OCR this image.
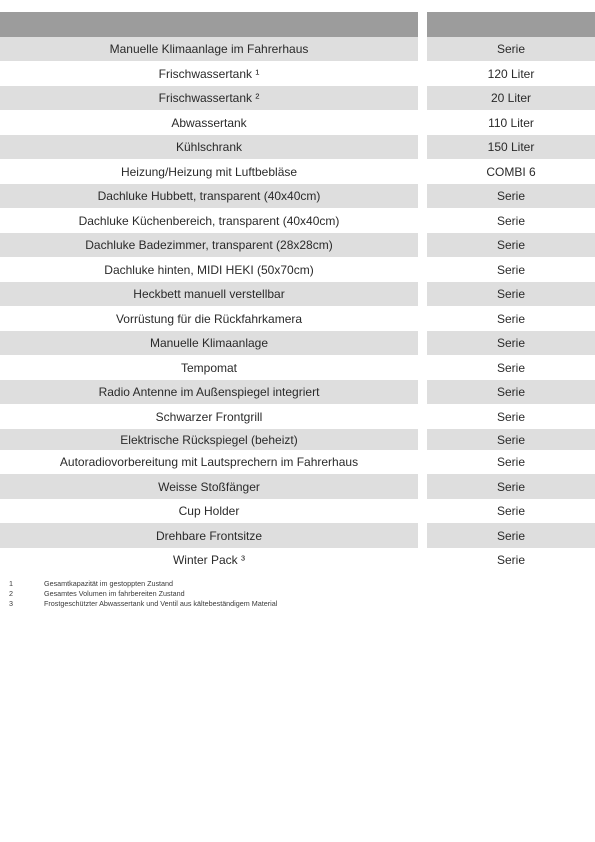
Manuelle Klimaanlage im Fahrerhaus	Serie
Frischwassertank ¹	120 Liter
Frischwassertank ²	20 Liter
Abwassertank	110 Liter
Kühlschrank	150 Liter
Heizung/Heizung mit Luftbebläse	COMBI 6
Dachluke Hubbett, transparent (40x40cm)	Serie
Dachluke Küchenbereich, transparent (40x40cm)	Serie
Dachluke Badezimmer, transparent (28x28cm)	Serie
Dachluke hinten, MIDI HEKI (50x70cm)	Serie
Heckbett manuell verstellbar	Serie
Vorrüstung für die Rückfahrkamera	Serie
Manuelle Klimaanlage	Serie
Tempomat	Serie
Radio Antenne im Außenspiegel integriert	Serie
Schwarzer Frontgrill	Serie
Elektrische Rückspiegel (beheizt)	Serie
Autoradiovorbereitung mit Lautsprechern im Fahrerhaus	Serie
Weisse Stoßfänger	Serie
Cup Holder	Serie
Drehbare Frontsitze	Serie
Winter Pack ³	Serie
1	Gesamtkapazität im gestoppten Zustand
2	Gesamtes Volumen im fahrbereiten Zustand
3	Frostgeschützter Abwassertank und Ventil aus kältebeständigem Material
